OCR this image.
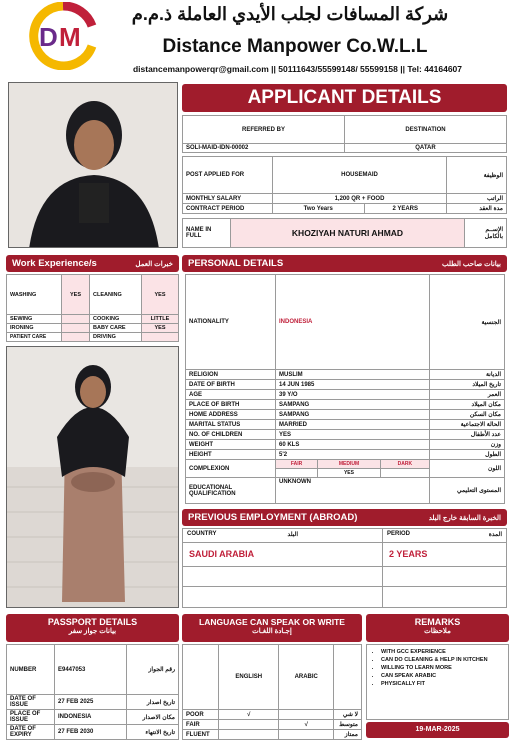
D M
شركة المسافات لجلب الأيدي العاملة ذ.م.م
Distance Manpower Co.W.L.L
distancemanpowerqr@gmail.com || 50111643/55599148/ 55599158 || Tel: 44164607
APPLICANT DETAILS
REFERRED BY	DESTINATION
SOLI-MAID-IDN-00002	QATAR
POST APPLIED FOR	HOUSEMAID		الوظيفة
MONTHLY SALARY	1,200 QR + FOOD		الراتب
CONTRACT PERIOD	Two Years	2 YEARS	مدة العقد
NAME IN FULL	KHOZIYAH NATURI AHMAD	الإســم بالكامل
Work Experience/s	خبرات العمل
WASHING	YES	CLEANING	YES
SEWING		COOKING	LITTLE
IRONING		BABY CARE	YES
PATIENT CARE		DRIVING	
PERSONAL DETAILS	بيانات صاحب الطلب
NATIONALITY	INDONESIA			الجنسية
RELIGION	MUSLIM			الديانة
DATE OF BIRTH	14 JUN 1985			تاريخ الميلاد
AGE	39 Y/O			العمر
PLACE OF BIRTH	SAMPANG			مكان الميلاد
HOME ADDRESS	SAMPANG			مكان السكن
MARITAL STATUS	MARRIED			الحالة الاجتماعية
NO. OF CHILDREN	YES			عدد الأطفال
WEIGHT	60 KLS			وزن
HEIGHT	5'2			الطول
COMPLEXION	FAIR	MEDIUM	DARK	اللون
		YES		
EDUCATIONAL QUALIFICATION	UNKNOWN			المستوى التعليمي
PREVIOUS EMPLOYMENT (ABROAD)	الخبرة السابقة خارج البلد
COUNTRY	البلد	PERIOD	المدة
SAUDI ARABIA	2 YEARS
PASSPORT DETAILS
بيانات جواز سفر
NUMBER	E9447053	رقم الجواز
DATE OF ISSUE	27 FEB 2025	تاريخ اصدار
PLACE OF ISSUE	INDONESIA	مكان الاصدار
DATE OF EXPIRY	27 FEB 2030	تاريخ الانتهاء
LANGUAGE CAN SPEAK OR WRITE
إجـادة اللغـات
	ENGLISH	ARABIC	
POOR	√		لا شي
FAIR		√	متوسط
FLUENT			ممتاز
REMARKS
ملاحظات
• WITH GCC EXPERIENCE
• CAN DO CLEANING & HELP IN KITCHEN
• WILLING TO LEARN MORE
• CAN SPEAK ARABIC
• PHYSICALLY FIT
19-MAR-2025
